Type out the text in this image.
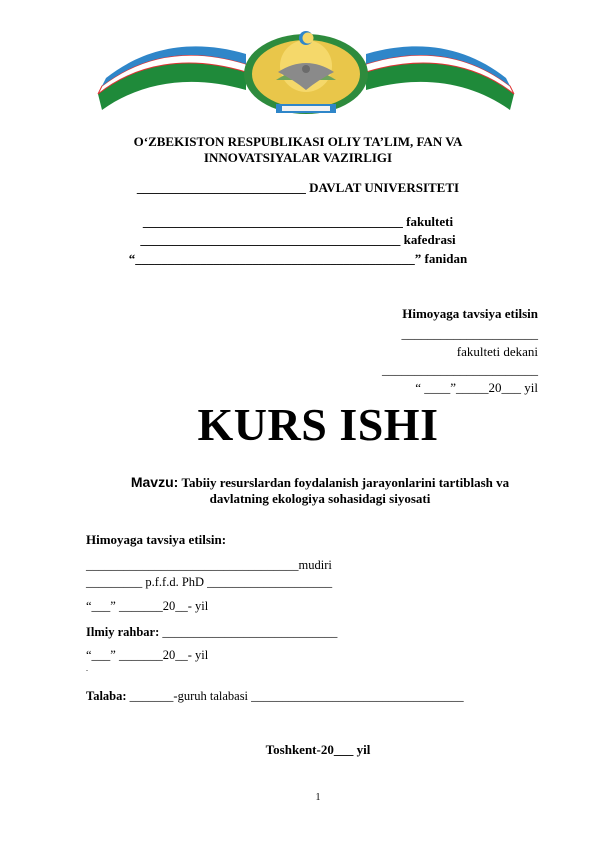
O‘ZBEKISTON RESPUBLIKASI OLIY TA’LIM, FAN VA
INNOVATSIYALAR VAZIRLIGI
__________________________ DAVLAT UNIVERSITETI
________________________________________ fakulteti
________________________________________ kafedrasi
“___________________________________________” fanidan
Himoyaga tavsiya etilsin
_____________________
fakulteti dekani
________________________
“ ____”_____20___ yil
KURS ISHI
Mavzu: Tabiiy resurslardan foydalanish jarayonlarini tartiblash va
davlatning ekologiya sohasidagi siyosati
Himoyaga tavsiya etilsin:
__________________________________mudiri
_________ p.f.f.d. PhD ____________________
“___” _______20__- yil
Ilmiy rahbar: ____________________________
“___” _______20__- yil
.
Talaba: _______-guruh talabasi __________________________________
Toshkent-20___ yil
1
